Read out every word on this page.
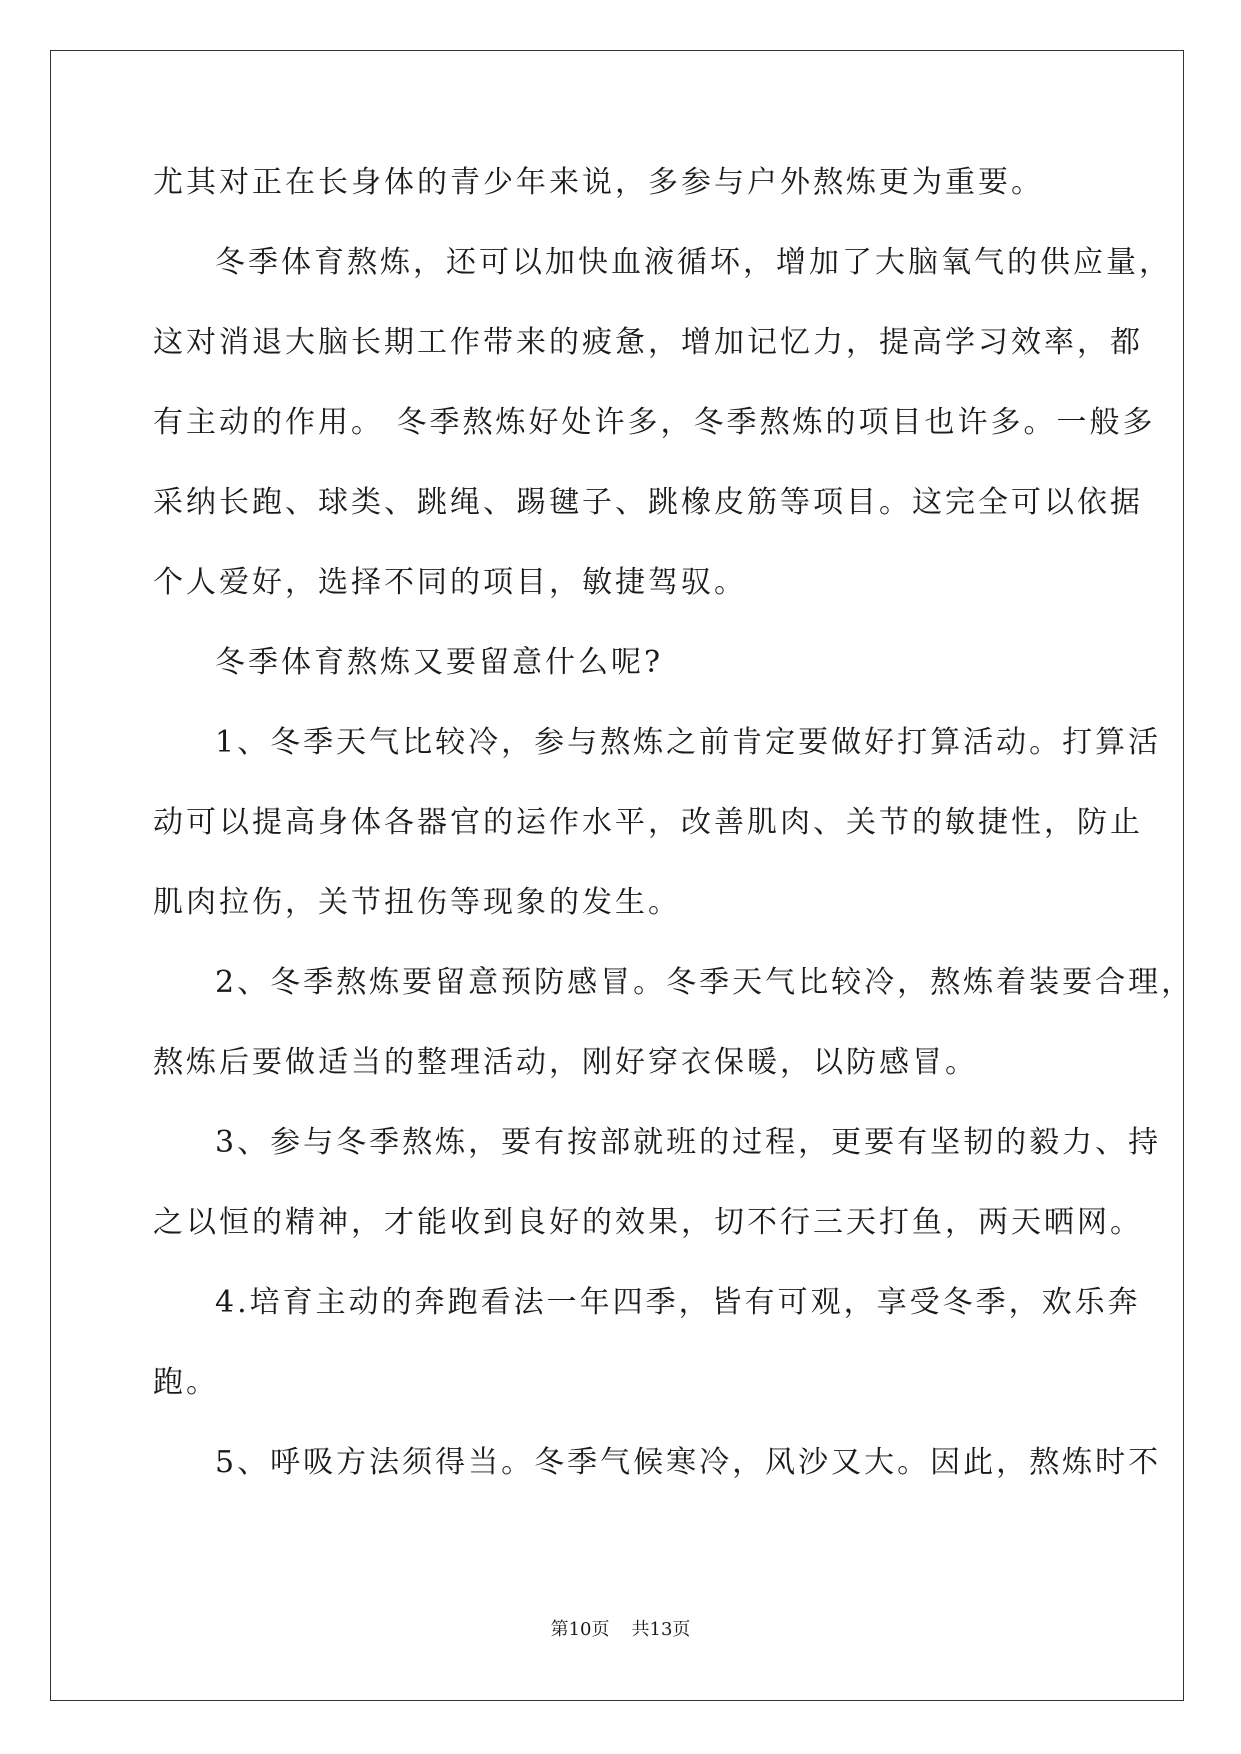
尤其对正在长身体的青少年来说，多参与户外熬炼更为重要。
冬季体育熬炼，还可以加快血液循坏，增加了大脑氧气的供应量，
这对消退大脑长期工作带来的疲惫，增加记忆力，提高学习效率，都
有主动的作用。 冬季熬炼好处许多，冬季熬炼的项目也许多。一般多
采纳长跑、球类、跳绳、踢毽子、跳橡皮筋等项目。这完全可以依据
个人爱好，选择不同的项目，敏捷驾驭。
冬季体育熬炼又要留意什么呢?
1、冬季天气比较冷，参与熬炼之前肯定要做好打算活动。打算活
动可以提高身体各器官的运作水平，改善肌肉、关节的敏捷性，防止
肌肉拉伤，关节扭伤等现象的发生。
2、冬季熬炼要留意预防感冒。冬季天气比较冷，熬炼着装要合理，
熬炼后要做适当的整理活动，刚好穿衣保暖，以防感冒。
3、参与冬季熬炼，要有按部就班的过程，更要有坚韧的毅力、持
之以恒的精神，才能收到良好的效果，切不行三天打鱼，两天晒网。
4.培育主动的奔跑看法一年四季，皆有可观，享受冬季，欢乐奔
跑。
5、呼吸方法须得当。冬季气候寒冷，风沙又大。因此，熬炼时不
第10页 共13页
